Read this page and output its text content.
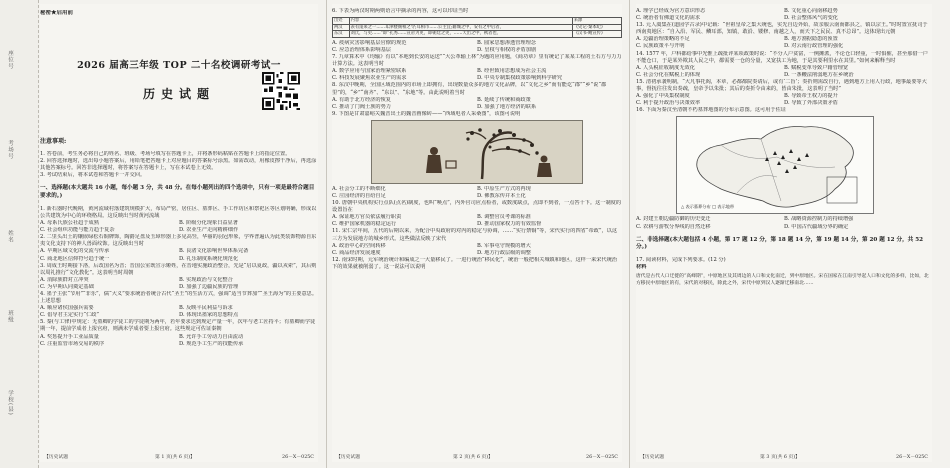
座位号
考场号
姓名
班级
学校(县)

秘密★启用前

2026 届高三年级 TOP 二十名校调研考试一

历史试题

注意事项:

1. 答卷前，考生务必将自己的姓名、班级、考场号填写在答题卡上，并将条形码粘贴在答题卡上的指定位置。

2. 回答选择题时，选出每小题答案后，用铅笔把答题卡上对应题目的答案标号涂黑。如需改动，用橡皮擦干净后，再选涂其他答案标号。回答非选择题时，将答案写在答题卡上，写在本试卷上无效。

3. 考试结束后，将本试卷和答题卡一并交回。

一、选择题(本大题共 16 小题，每小题 3 分，共 48 分。在每小题列出的四个选项中，只有一项是最符合题目要求的。)

1. 新石器时代晚期，黄河流域村落建筑规模扩大，布局严密，居住区、墓葬区、手工作坊区和祭祀区等区划明确，形成以公共建筑为中心的环绕格局。这反映出当时黄河流域

A. 母系氏族公社趋于成熟	B. 阶级分化现象日益显著

C. 社会组织功能与能力趋于复杂	D. 农业生产走向精耕细作

2. 二里头出土的镶嵌绿松石铜牌饰，陶爵足盘及玉璋形器上多见高竖，华丽的羽冠形象，学界普遍认为此类装饰物源自东夷文化支持下的神人兽面纹饰。这反映出当时

A. 早期区域文化的交流与传承	B. 良渚文化影响世界体系完备

C. 商北地区信仰符号趋于统一	D. 礼乐制度系统化规范化

3. 周成王时期接下洛，后改国名为晋；晋国公室既宣示姬姓，在晋地实施政治整合，先是“启以夏政，疆以戎索”，其后则以周礼推行“文化教化”。这表明当时周朝

A. 消除族群对立冲突	B. 实现政治与文化整合

C. 为早期认同奠定基础	D. 加强了边疆民族的管理

4. 墨子主张“节用”“非乐”，儒“大义”要求统治者统合古代“圣王”的生活方式，强调“适当节葬加”“圣王海为”的主要意思。上述思想

A. 顺应诸侯国强兵需要	B. 反映平民利益与诉求

C. 倡导君主定实行“仁政”	D. 体现出墨家的思想特点

5. 秦(与工律)中规定：无墓卿的学徒工的学徒期为两年，若年要求达到规定产量一年，次年与老工匠持平；有墓卿而学徒期一年，提前学成者上报官府，则满未学成者要上报官府。这些规定可佐证秦朝

A. 奖惩提升手工业品质量	B. 允许手工劳动力自由流动

C. 注重监管市场交易的秩序	D. 规范手工生产的技能传承

【历史试题	第 1 页(共 6 页)】	26－X－025C

6. 下表为两汉时期两则语言中摘录的内容，这可以印证当时

出处	内容	来源
两汉	表有蓬莱之一……耳津楼阁相之令;耳相市……公主宜;籍城之中，安有之中后者，	《史记·秦本纪》
东汉	刘氏，与吏……“即”孔秀……宣帝为吏，即朝廷之吏，……天出之中，秋者也、	《汉书·鲍宣传》

A. 疫病灾害影响基层官僚的规范	B. 圆家思想渗透管理理念

C. 应急治理体系影响基层	D. 皇权与相权的矛盾加剧

7. 九章算术中《均输》有以“本地到长安的运送”“大公革输上林”为题的应用题，《商功章》里有统记了某某工程的土石方与力力计算方法。这表明当时

A. 数学应用与国家治理紧密联系	B. 经世致用思想成为社会主流

C. 科技发展聚焦农业生产的需求	D. 中央专制集权政策影响到科学研究

8. 东汉中晚期，全国区域范围内的市场上即拥有，出现数量众多的地方文化品牌，以“文化之乡”而有能讫“郡”“乡”说“郡里”的，“乡”“南齐”、“东以”、“东地”等。由此说明着当时

A. 有助于北方经济的恢复	B. 延续了传统和商政策

C. 推动了门阀士族的势力	D. 加强了地方经济的联系

9. 下图是甘肃嘉峪关魏晋出土的魏晋画像砖——“西域电者人采桑图”，该图可说明

A. 社会分工的不断细化	B. 中原生产方式的再现

C. 庄园经济的自给自足	D. 佛教东传并本土化

10. 唐朝中央机构实行点队(点名)制度，也叫“唤点”，内外官司应点检者，或数度缺点，点即不到者，一点答十下。这一制度的设置旨在

A. 保证地方官员依法履行职责	B. 调整官员考课的标准

C. 维护国家机器的稳定运行	D. 推动国家权力的有效监督

11. 宋仁宗年间，五代的后期以来，为配合中央政府的对内的稳定与协调，……“实行禁铜”等，宋代实行的四省“帝政”，以这三方为发展地方的城乡形式。这些做法反映了宋代

A. 政治中心的空间转移	B. 军事屯守规模的增大

C. 商品经济发展速度	D. 地方行政层级的调整

12. 南宋时期，元军统治统计和编成之一大量移民了。一进行统治“移民化”，统治一般把相关城镇和地区，这样一来宋代统治下的效果就被削弱了。这一说法可以说明

【历史试题	第 2 页(共 6 页)】	26－X－025C

A. 理学已经成为官方意识形态	B. 文化重心向南移趋势

C. 统治者有佛道文化的需求	D. 社会整体风气的变化

13. 元人虞集在(道园学古录)中记载：“世祖皇帝之集大统也，实先自边外始，故亲服云南而都县之，镇以宗王。”时时置宣抚司于西南夷地区：“自入沿、军民、鳞耳部，知镇，敢沿、镂修、南越之人，而天下之民民、真不总昂”。这体现出元朝

A. 边疆治理策略的不足	B. 地方割据隐患的预置

C. 民族政策平与开明	D. 对云南行政管理的强化

14. 1577 年，户科都给事中光惟上疏批评某项政策时说：“不分人户贫富，一例摊派，不论仓口轻重，一时俱催，甚至那借一户不能仓口，于是某外欺其人民之中，都需要一仓的分量，又宽扶工为地，于是其要利里水在其里。”如何来解释当时

A. 人头税征收制度无效化	B. 赋税变革导致户籍管理宽

C. 社会分化在赋税上的体现	D. 一条鞭法削弱地方在乡统治

15. 清初承袭明制，“大凡事托阁，本章，必都都院奏请后，或有‘二旨’；奏折则需改自行，遇到地方上用人行政，地事最要等大事，督抚往往发出奏疏，皇帝予以朱批；其后的奏折令由来的，皆由朱批，这表明了当时”

A. 强化了中央集权制度	B. 导致帝王权力的提升

C. 利于提升政治与决策效率	D. 导致了外部决策矛盾

16. 下面为秦汉至清朝不朽墓葬地图的分布示意图。这可用于佐证

△ 表示墓葬分布 □ 表示地带

A. 封建王朝边疆防御的历史变迁	B. 战略资源控制力的持续增强

C. 农耕与游牧分界线的自然迁移	D. 中国古代疆域分界的确定

二、非选择题(本大题包括 4 小题，第 17 题 12 分，第 18 题 14 分，第 19 题 14 分，第 20 题 12 分，共 52 分。)

17. 阅读材料，完成下列要求。(12 分)

材料

唐代是古代人口迁徙的“高峰期”，中原地区及其周边的人口和文化南迁，到中原地区。宋在国家在江南引导起人口和文化的多样，比如，北方移民中原地区的有，宋代的对移民，除此之外，宋代中原到汉人逐渐迁移南北……

【历史试题	第 3 页(共 6 页)】	26－X－025C
